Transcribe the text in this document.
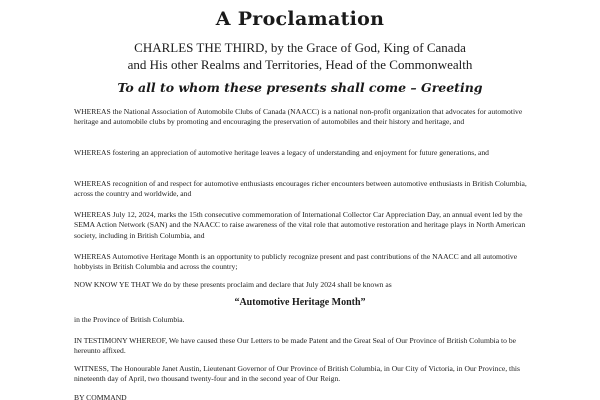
A Proclamation
CHARLES THE THIRD, by the Grace of God, King of Canada
and His other Realms and Territories, Head of the Commonwealth
To all to whom these presents shall come – Greeting

WHEREAS the National Association of Automobile Clubs of Canada (NAACC) is a national non-profit organization that advocates for automotive heritage and automobile clubs by promoting and encouraging the preservation of automobiles and their history and heritage, and

WHEREAS fostering an appreciation of automotive heritage leaves a legacy of understanding and enjoyment for future generations, and

WHEREAS recognition of and respect for automotive enthusiasts encourages richer encounters between automotive enthusiasts in British Columbia, across the country and worldwide, and

WHEREAS July 12, 2024, marks the 15th consecutive commemoration of International Collector Car Appreciation Day, an annual event led by the SEMA Action Network (SAN) and the NAACC to raise awareness of the vital role that automotive restoration and heritage plays in North American society, including in British Columbia, and

WHEREAS Automotive Heritage Month is an opportunity to publicly recognize present and past contributions of the NAACC and all automotive hobbyists in British Columbia and across the country;

NOW KNOW YE THAT We do by these presents proclaim and declare that July 2024 shall be known as

“Automotive Heritage Month”

in the Province of British Columbia.

IN TESTIMONY WHEREOF, We have caused these Our Letters to be made Patent and the Great Seal of Our Province of British Columbia to be hereunto affixed.

WITNESS, The Honourable Janet Austin, Lieutenant Governor of Our Province of British Columbia, in Our City of Victoria, in Our Province, this nineteenth day of April, two thousand twenty-four and in the second year of Our Reign.

BY COMMAND
